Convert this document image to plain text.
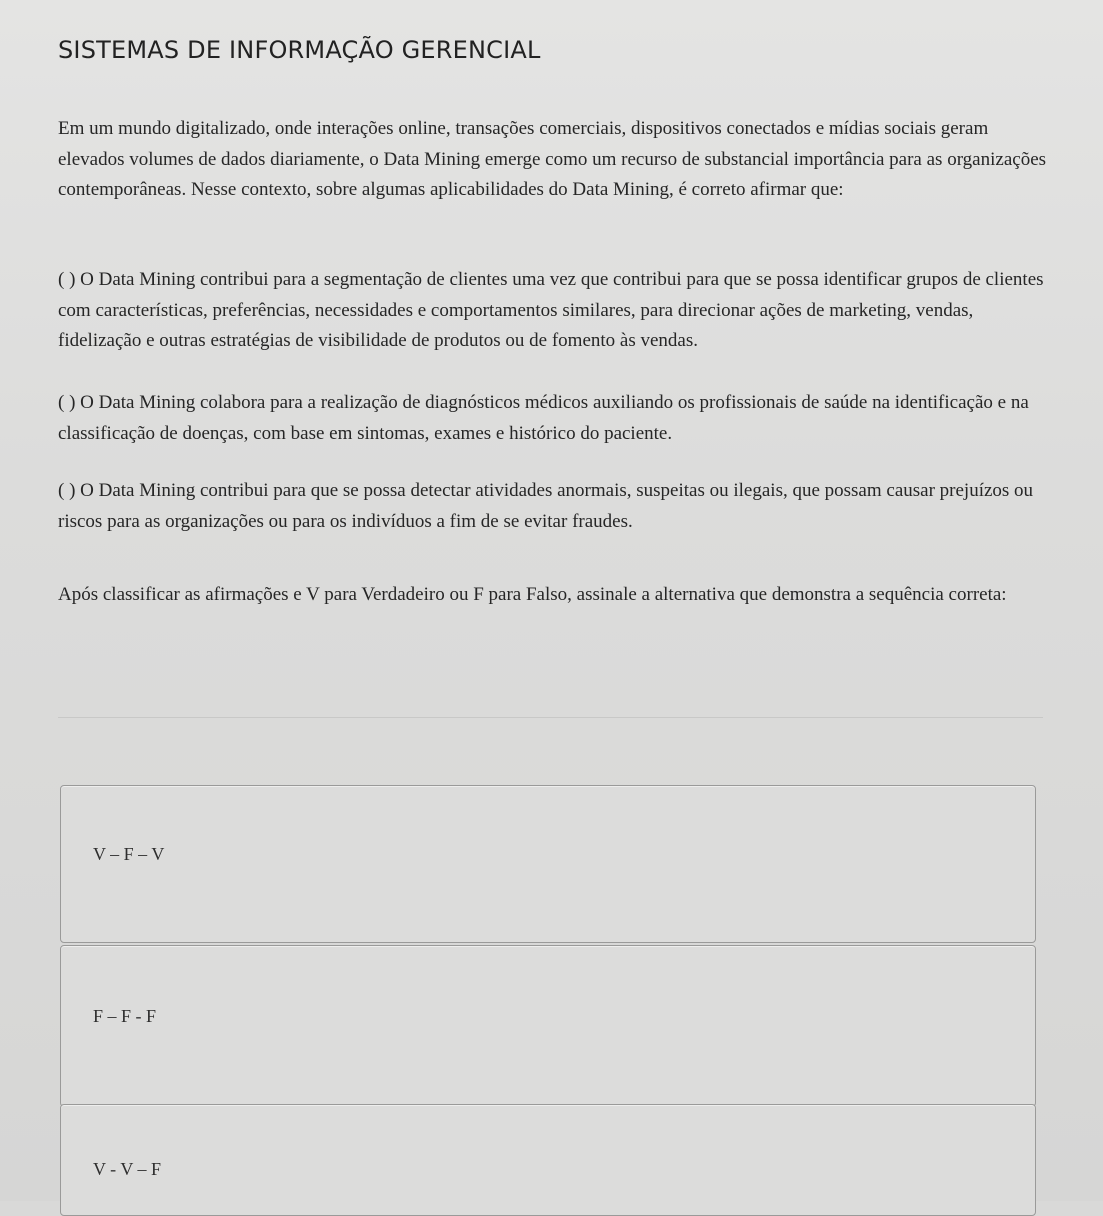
SISTEMAS DE INFORMAÇÃO GERENCIAL
Em um mundo digitalizado, onde interações online, transações comerciais, dispositivos conectados e mídias sociais geram elevados volumes de dados diariamente, o Data Mining emerge como um recurso de substancial importância para as organizações contemporâneas. Nesse contexto, sobre algumas aplicabilidades do Data Mining, é correto afirmar que:
( ) O Data Mining contribui para a segmentação de clientes uma vez que contribui para que se possa identificar grupos de clientes com características, preferências, necessidades e comportamentos similares, para direcionar ações de marketing, vendas, fidelização e outras estratégias de visibilidade de produtos ou de fomento às vendas.
( ) O Data Mining colabora para a realização de diagnósticos médicos auxiliando os profissionais de saúde na identificação e na classificação de doenças, com base em sintomas, exames e histórico do paciente.
( ) O Data Mining contribui para que se possa detectar atividades anormais, suspeitas ou ilegais, que possam causar prejuízos ou riscos para as organizações ou para os indivíduos a fim de se evitar fraudes.
Após classificar as afirmações e V para Verdadeiro ou F para Falso, assinale a alternativa que demonstra a sequência correta:
V – F – V
F – F - F
V - V – F
